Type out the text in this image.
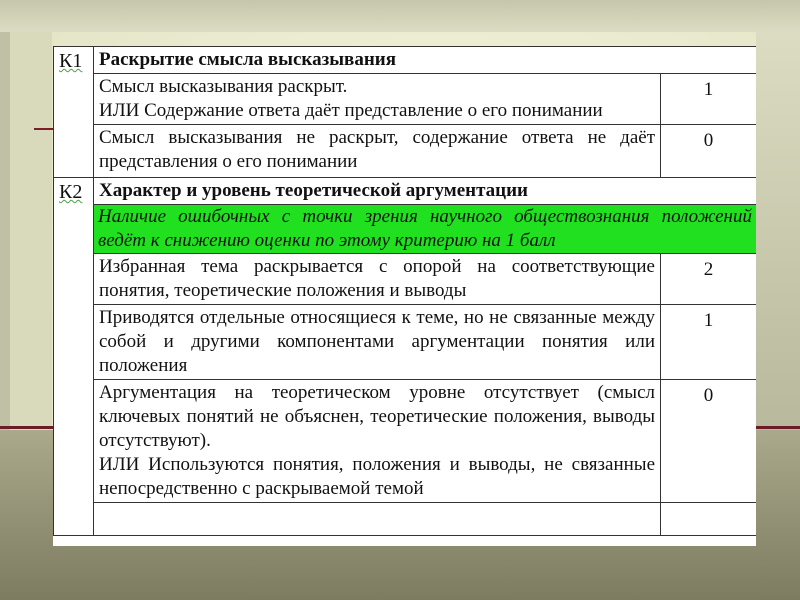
К1	Раскрытие смысла высказывания	

	Смысл высказывания раскрыт.
ИЛИ Содержание ответа даёт представление о его понимании	1
	Смысл высказывания не раскрыт, содержание ответа не даёт представления о его понимании	0
К2	Характер и уровень теоретической аргументации	
	Наличие ошибочных с точки зрения научного обществознания положений ведёт к снижению оценки по этому критерию на 1 балл	
	Избранная тема раскрывается с опорой на соответствующие понятия, теоретические положения и выводы	2
	Приводятся отдельные относящиеся к теме, но не связанные между собой и другими компонентами аргументации понятия или положения	1

	Аргументация на теоретическом уровне отсутствует (смысл ключевых понятий не объяснен, теоретические положения, выводы отсутствуют).
ИЛИ Используются понятия, положения и выводы, не связанные непосредственно с раскрываемой темой	0
